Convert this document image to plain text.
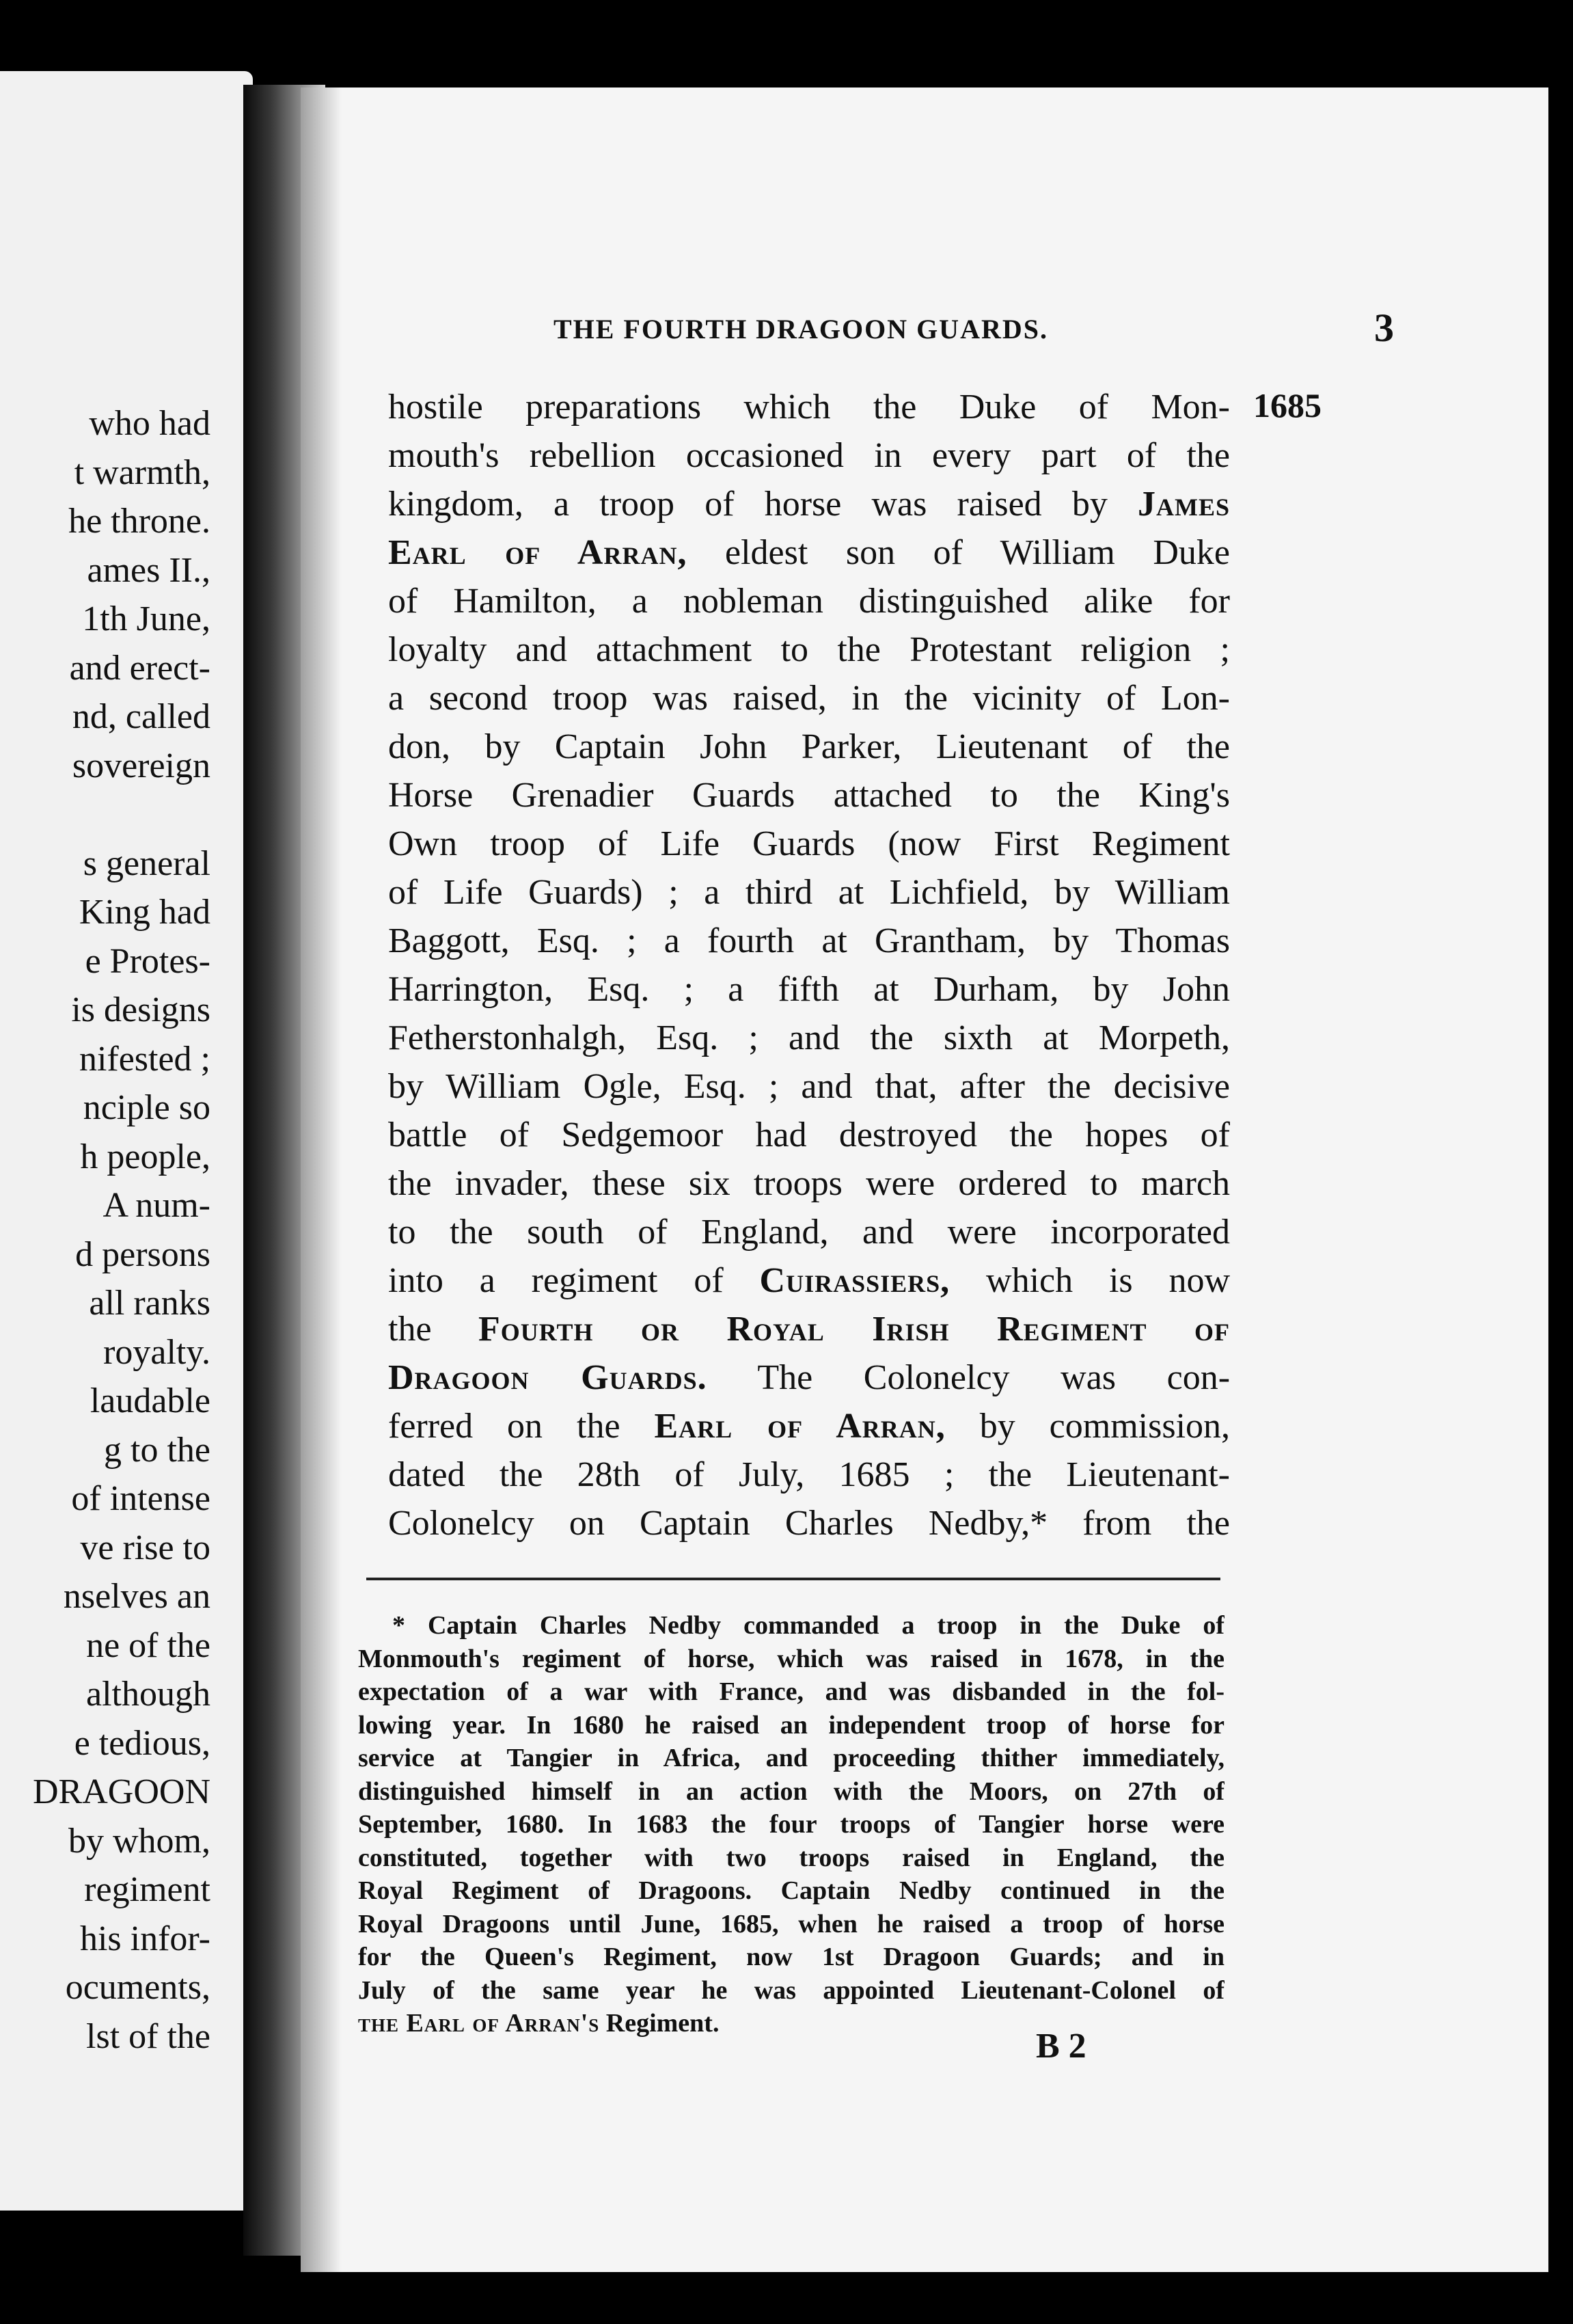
who had
t warmth,
he throne.
ames II.,
1th June,
and erect-
nd, called
sovereign

s general
King had
e Protes-
is designs
nifested ;
nciple so
h people,
A num-
d persons
all ranks
royalty.
laudable
g to the
of intense
ve rise to
nselves an
ne of the
although
e tedious,
DRAGOON
by whom,
regiment
his infor-
ocuments,
lst of the
THE FOURTH DRAGOON GUARDS.	3
1685
hostile preparations which the Duke of Mon-
mouth's rebellion occasioned in every part of the
kingdom, a troop of horse was raised by James
Earl of Arran, eldest son of William Duke
of Hamilton, a nobleman distinguished alike for
loyalty and attachment to the Protestant religion ;
a second troop was raised, in the vicinity of Lon-
don, by Captain John Parker, Lieutenant of the
Horse Grenadier Guards attached to the King's
Own troop of Life Guards (now First Regiment
of Life Guards) ; a third at Lichfield, by William
Baggott, Esq. ; a fourth at Grantham, by Thomas
Harrington, Esq. ; a fifth at Durham, by John
Fetherstonhalgh, Esq. ; and the sixth at Morpeth,
by William Ogle, Esq. ; and that, after the decisive
battle of Sedgemoor had destroyed the hopes of
the invader, these six troops were ordered to march
to the south of England, and were incorporated
into a regiment of Cuirassiers, which is now
the Fourth or Royal Irish Regiment of
Dragoon Guards. The Colonelcy was con-
ferred on the Earl of Arran, by commission,
dated the 28th of July, 1685 ; the Lieutenant-
Colonelcy on Captain Charles Nedby,* from the
* Captain Charles Nedby commanded a troop in the Duke of
Monmouth's regiment of horse, which was raised in 1678, in the
expectation of a war with France, and was disbanded in the fol-
lowing year. In 1680 he raised an independent troop of horse for
service at Tangier in Africa, and proceeding thither immediately,
distinguished himself in an action with the Moors, on 27th of
September, 1680. In 1683 the four troops of Tangier horse were
constituted, together with two troops raised in England, the
Royal Regiment of Dragoons. Captain Nedby continued in the
Royal Dragoons until June, 1685, when he raised a troop of horse
for the Queen's Regiment, now 1st Dragoon Guards; and in
July of the same year he was appointed Lieutenant-Colonel of
the Earl of Arran's Regiment.
B 2
